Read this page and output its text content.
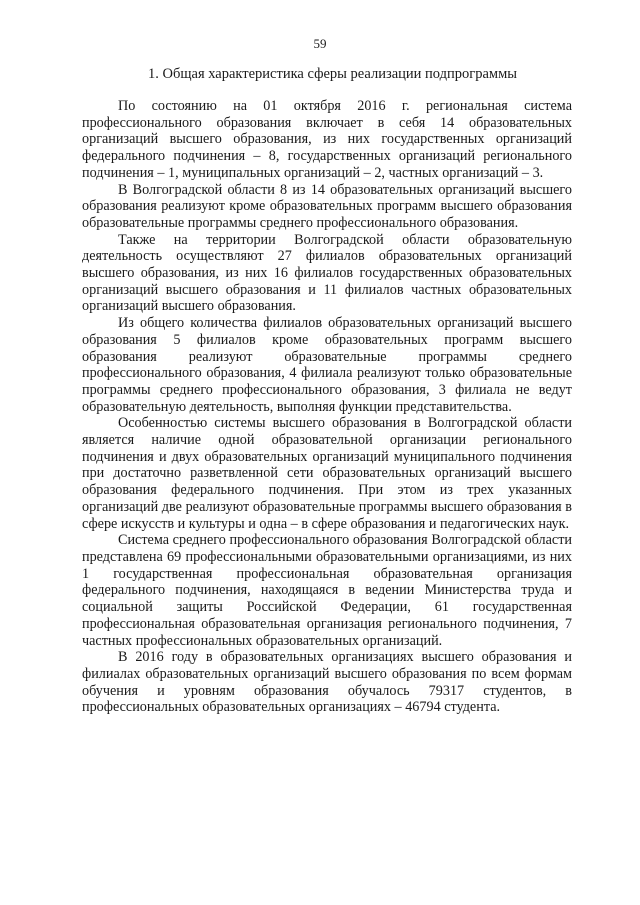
59
1. Общая характеристика сферы реализации подпрограммы

По состоянию на 01 октября 2016 г. региональная система профессионального образования включает в себя 14 образовательных организаций высшего образования, из них государственных организаций федерального подчинения – 8, государственных организаций регионального подчинения – 1, муниципальных организаций – 2, частных организаций – 3.

В Волгоградской области 8 из 14 образовательных организаций высшего образования реализуют кроме образовательных программ высшего образования образовательные программы среднего профессионального образования.

Также на территории Волгоградской области образовательную деятельность осуществляют 27 филиалов образовательных организаций высшего образования, из них 16 филиалов государственных образовательных организаций высшего образования и 11 филиалов частных образовательных организаций высшего образования.

Из общего количества филиалов образовательных организаций высшего образования 5 филиалов кроме образовательных программ высшего образования реализуют образовательные программы среднего профессионального образования, 4 филиала реализуют только образовательные программы среднего профессионального образования, 3 филиала не ведут образовательную деятельность, выполняя функции представительства.

Особенностью системы высшего образования в Волгоградской области является наличие одной образовательной организации регионального подчинения и двух образовательных организаций муниципального подчинения при достаточно разветвленной сети образовательных организаций высшего образования федерального подчинения. При этом из трех указанных организаций две реализуют образовательные программы высшего образования в сфере искусств и культуры и одна – в сфере образования и педагогических наук.

Система среднего профессионального образования Волгоградской области представлена 69 профессиональными образовательными организациями, из них 1 государственная профессиональная образовательная организация федерального подчинения, находящаяся в ведении Министерства труда и социальной защиты Российской Федерации, 61 государственная профессиональная образовательная организация регионального подчинения, 7 частных профессиональных образовательных организаций.

В 2016 году в образовательных организациях высшего образования и филиалах образовательных организаций высшего образования по всем формам обучения и уровням образования обучалось 79317 студентов, в профессиональных образовательных организациях – 46794 студента.
